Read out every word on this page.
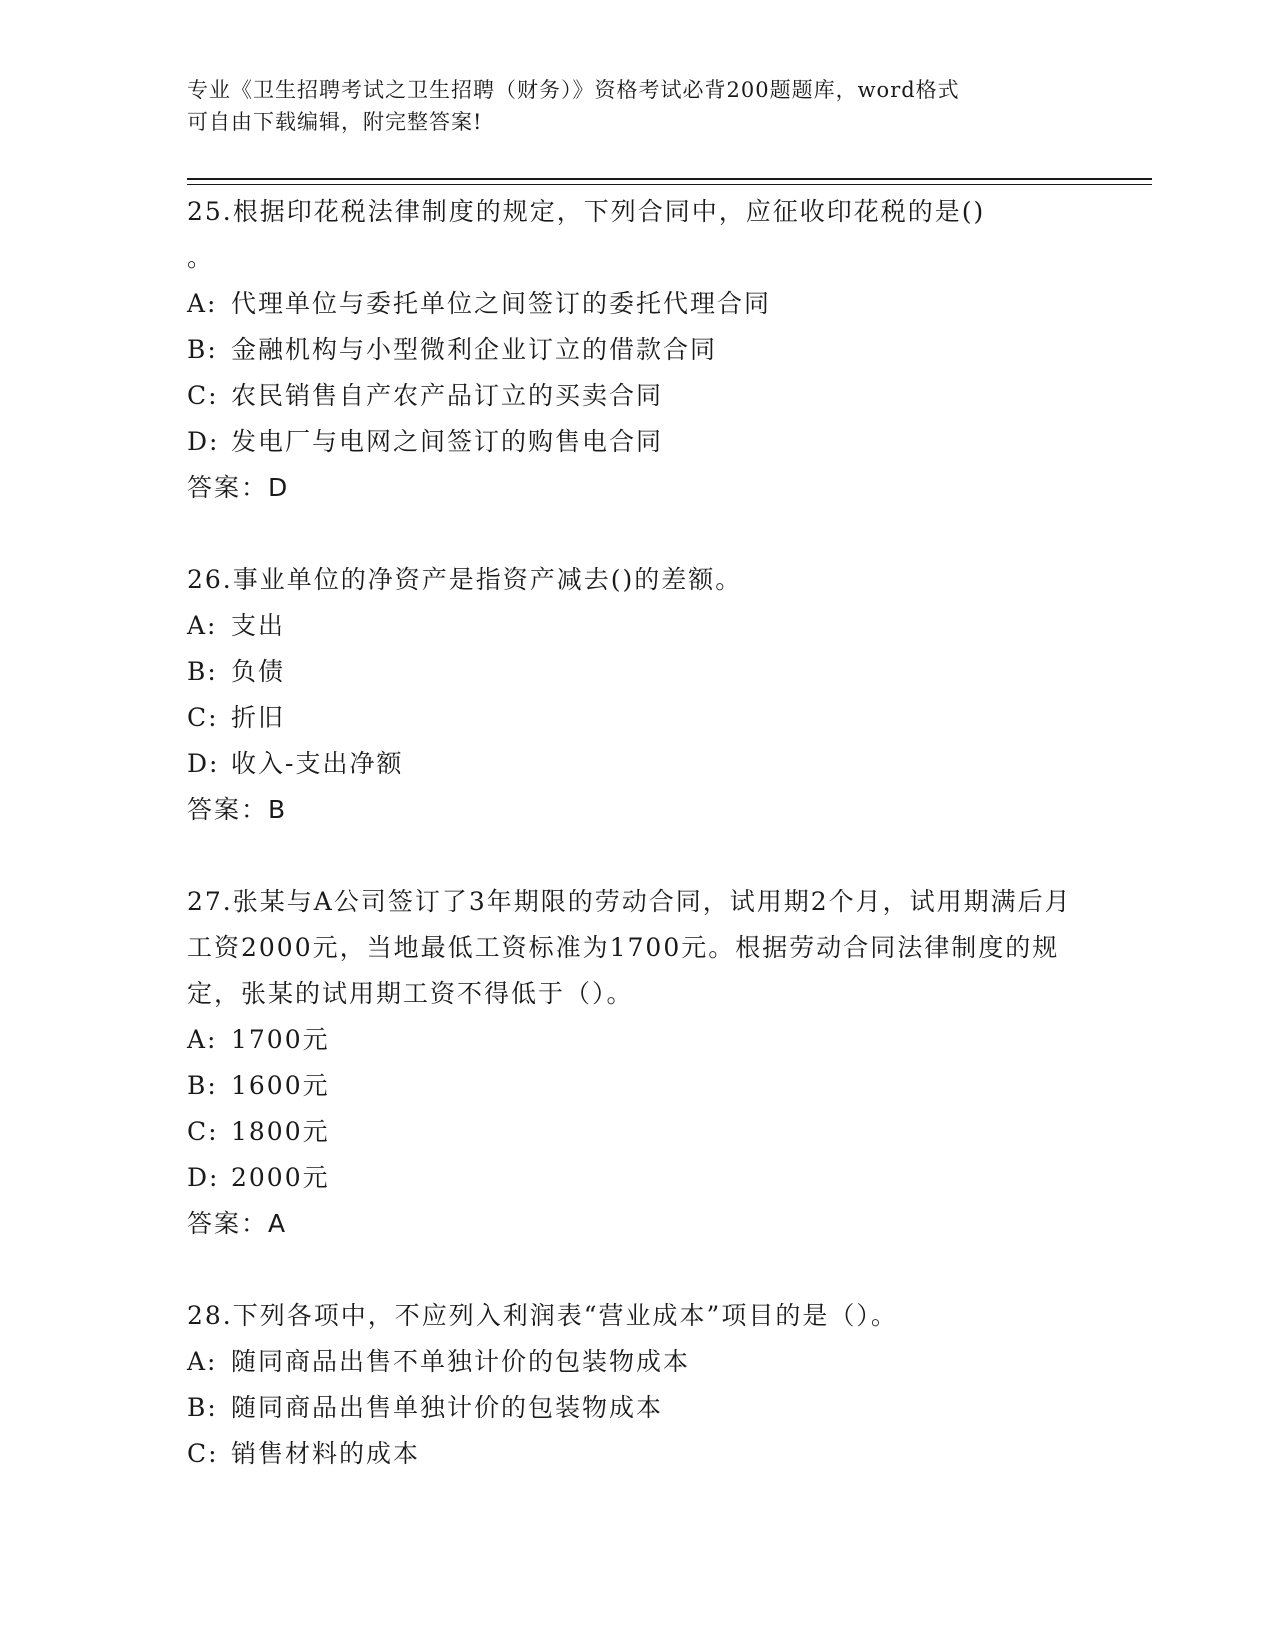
专业《卫生招聘考试之卫生招聘（财务）》资格考试必背200题题库，word格式
可自由下载编辑，附完整答案!

25.根据印花税法律制度的规定，下列合同中，应征收印花税的是()

。

A: 代理单位与委托单位之间签订的委托代理合同

B: 金融机构与小型微利企业订立的借款合同

C: 农民销售自产农产品订立的买卖合同

D: 发电厂与电网之间签订的购售电合同

答案：D

26.事业单位的净资产是指资产减去()的差额。

A: 支出

B: 负债

C: 折旧

D: 收入-支出净额

答案：B

27.张某与A公司签订了3年期限的劳动合同，试用期2个月，试用期满后月工资2000元，当地最低工资标准为1700元。根据劳动合同法律制度的规定，张某的试用期工资不得低于（）。

A: 1700元

B: 1600元

C: 1800元

D: 2000元

答案：A

28.下列各项中，不应列入利润表“营业成本”项目的是（）。

A: 随同商品出售不单独计价的包装物成本

B: 随同商品出售单独计价的包装物成本

C: 销售材料的成本
